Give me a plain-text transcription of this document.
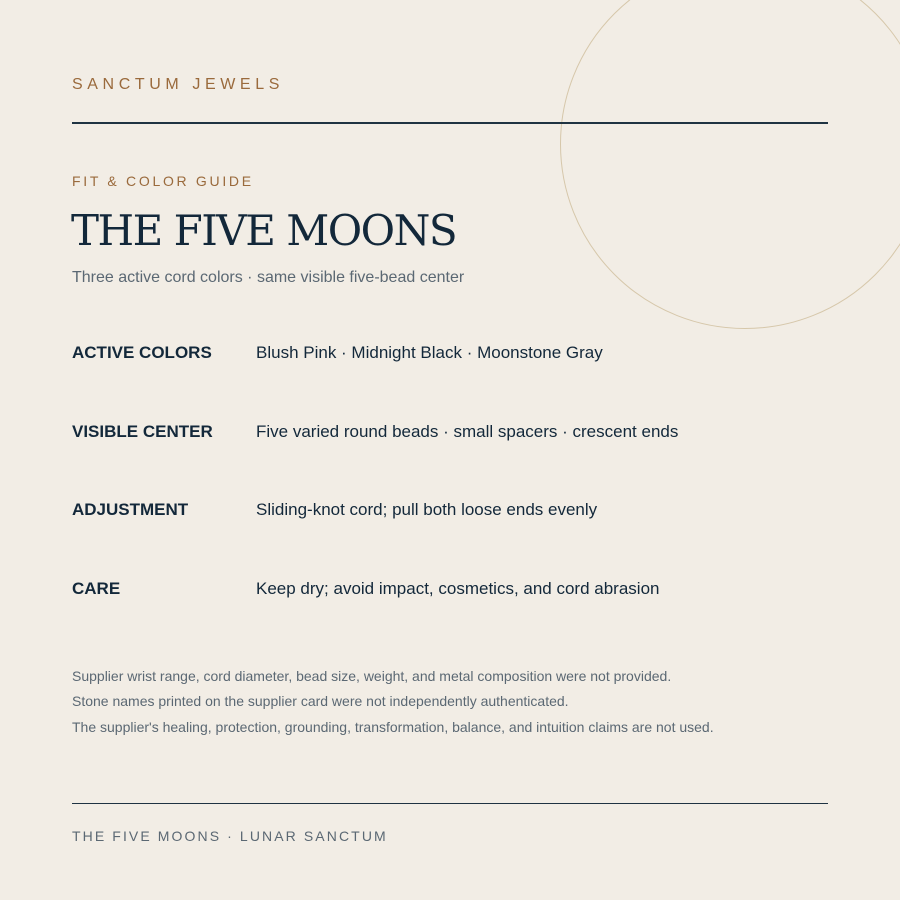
SANCTUM JEWELS
FIT & COLOR GUIDE
THE FIVE MOONS
Three active cord colors · same visible five-bead center
ACTIVE COLORS	Blush Pink · Midnight Black · Moonstone Gray
VISIBLE CENTER	Five varied round beads · small spacers · crescent ends
ADJUSTMENT	Sliding-knot cord; pull both loose ends evenly
CARE	Keep dry; avoid impact, cosmetics, and cord abrasion
Supplier wrist range, cord diameter, bead size, weight, and metal composition were not provided.
Stone names printed on the supplier card were not independently authenticated.
The supplier's healing, protection, grounding, transformation, balance, and intuition claims are not used.
THE FIVE MOONS · LUNAR SANCTUM
